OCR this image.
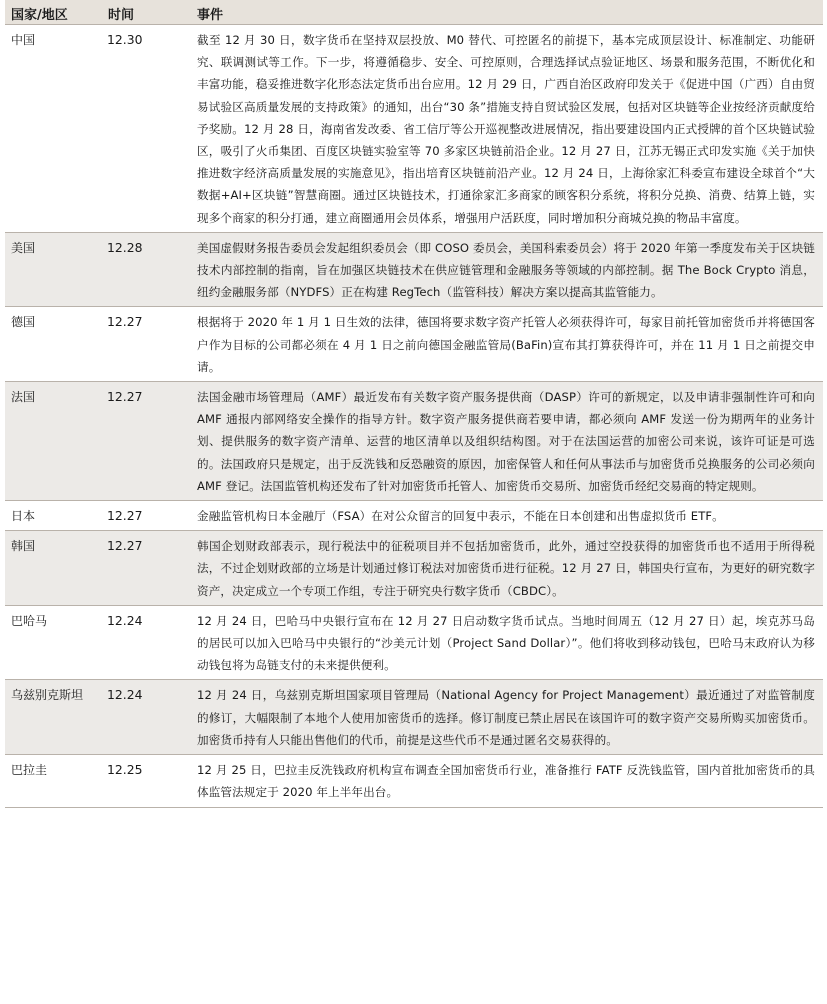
国家/地区	时间	事件
中国	12.30	截至 12 月 30 日，数字货币在坚持双层投放、M0 替代、可控匿名的前提下，基本完成顶层设计、标准制定、功能研究、联调测试等工作。下一步，将遵循稳步、安全、可控原则，合理选择试点验证地区、场景和服务范围，不断优化和丰富功能，稳妥推进数字化形态法定货币出台应用。12 月 29 日，广西自治区政府印发关于《促进中国（广西）自由贸易试验区高质量发展的支持政策》的通知，出台“30 条”措施支持自贸试验区发展，包括对区块链等企业按经济贡献度给予奖励。12 月 28 日，海南省发改委、省工信厅等公开巡视整改进展情况，指出要建设国内正式授牌的首个区块链试验区，吸引了火币集团、百度区块链实验室等 70 多家区块链前沿企业。12 月 27 日，江苏无锡正式印发实施《关于加快推进数字经济高质量发展的实施意见》，指出培育区块链前沿产业。12 月 24 日，上海徐家汇科委宣布建设全球首个“大数据+AI+区块链”智慧商圈。通过区块链技术，打通徐家汇多商家的顾客积分系统，将积分兑换、消费、结算上链，实现多个商家的积分打通，建立商圈通用会员体系，增强用户活跃度，同时增加积分商城兑换的物品丰富度。
美国	12.28	美国虚假财务报告委员会发起组织委员会（即 COSO 委员会，美国科索委员会）将于 2020 年第一季度发布关于区块链技术内部控制的指南，旨在加强区块链技术在供应链管理和金融服务等领域的内部控制。据 The Bock Crypto 消息，纽约金融服务部（NYDFS）正在构建 RegTech（监管科技）解决方案以提高其监管能力。
德国	12.27	根据将于 2020 年 1 月 1 日生效的法律，德国将要求数字资产托管人必须获得许可，每家目前托管加密货币并将德国客户作为目标的公司都必须在 4 月 1 日之前向德国金融监管局(BaFin)宣布其打算获得许可，并在 11 月 1 日之前提交申请。
法国	12.27	法国金融市场管理局（AMF）最近发布有关数字资产服务提供商（DASP）许可的新规定，以及申请非强制性许可和向 AMF 通报内部网络安全操作的指导方针。数字资产服务提供商若要申请，都必须向 AMF 发送一份为期两年的业务计划、提供服务的数字资产清单、运营的地区清单以及组织结构图。对于在法国运营的加密公司来说，该许可证是可选的。法国政府只是规定，出于反洗钱和反恐融资的原因，加密保管人和任何从事法币与加密货币兑换服务的公司必须向 AMF 登记。法国监管机构还发布了针对加密货币托管人、加密货币交易所、加密货币经纪交易商的特定规则。
日本	12.27	金融监管机构日本金融厅（FSA）在对公众留言的回复中表示，不能在日本创建和出售虚拟货币 ETF。
韩国	12.27	韩国企划财政部表示，现行税法中的征税项目并不包括加密货币，此外，通过空投获得的加密货币也不适用于所得税法，不过企划财政部的立场是计划通过修订税法对加密货币进行征税。12 月 27 日，韩国央行宣布，为更好的研究数字资产，决定成立一个专项工作组，专注于研究央行数字货币（CBDC）。
巴哈马	12.24	12 月 24 日，巴哈马中央银行宣布在 12 月 27 日启动数字货币试点。当地时间周五（12 月 27 日）起，埃克苏马岛的居民可以加入巴哈马中央银行的“沙美元计划（Project Sand Dollar）”。他们将收到移动钱包，巴哈马末政府认为移动钱包将为岛链支付的未来提供便利。
乌兹别克斯坦	12.24	12 月 24 日，乌兹别克斯坦国家项目管理局（National Agency for Project Management）最近通过了对监管制度的修订，大幅限制了本地个人使用加密货币的选择。修订制度已禁止居民在该国许可的数字资产交易所购买加密货币。加密货币持有人只能出售他们的代币，前提是这些代币不是通过匿名交易获得的。
巴拉圭	12.25	12 月 25 日，巴拉圭反洗钱政府机构宣布调查全国加密货币行业，准备推行 FATF 反洗钱监管，国内首批加密货币的具体监管法规定于 2020 年上半年出台。
